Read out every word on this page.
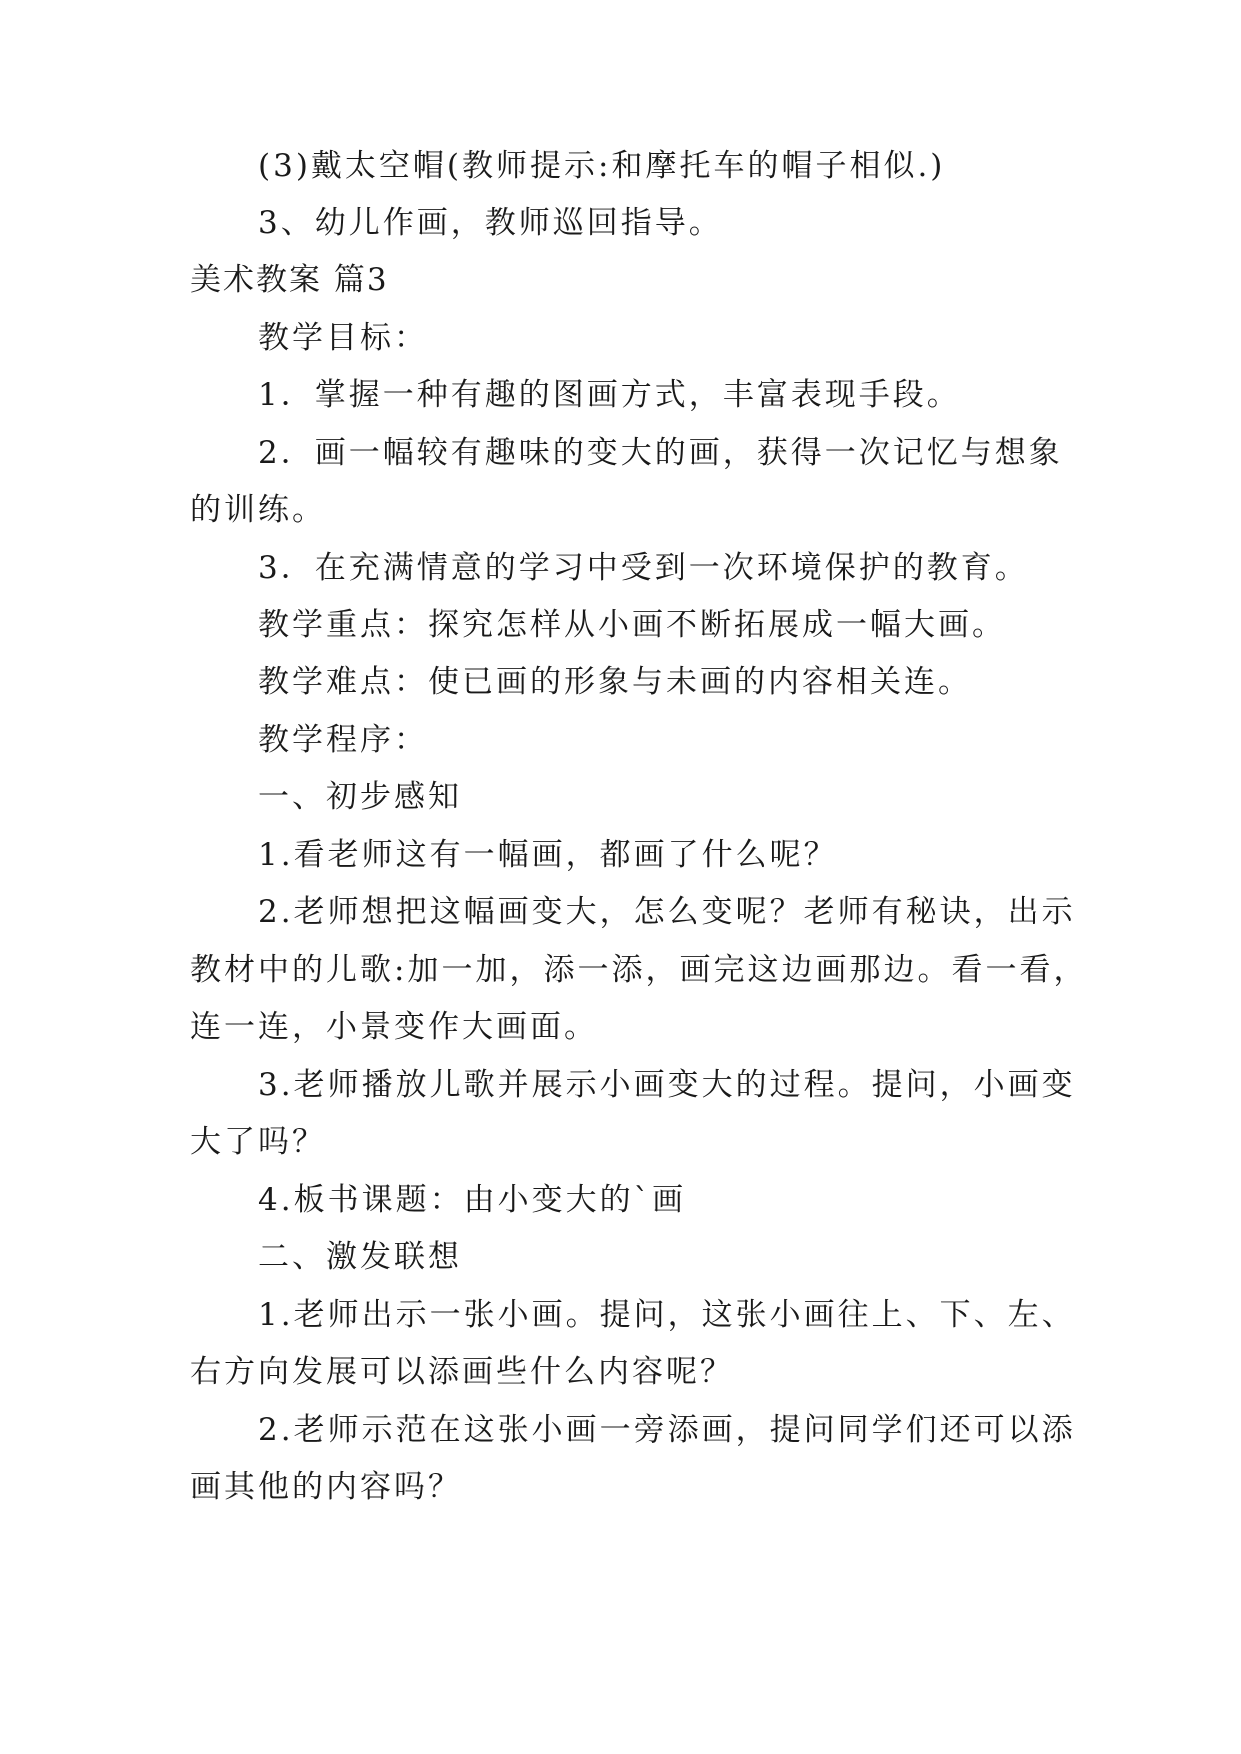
(3)戴太空帽(教师提示:和摩托车的帽子相似.)
3、幼儿作画，教师巡回指导。
美术教案 篇3
教学目标：
1．掌握一种有趣的图画方式，丰富表现手段。
2．画一幅较有趣味的变大的画，获得一次记忆与想象
的训练。
3．在充满情意的学习中受到一次环境保护的教育。
教学重点：探究怎样从小画不断拓展成一幅大画。
教学难点：使已画的形象与未画的内容相关连。
教学程序：
一、初步感知
1.看老师这有一幅画，都画了什么呢？
2.老师想把这幅画变大，怎么变呢？老师有秘诀，出示
教材中的儿歌:加一加，添一添，画完这边画那边。看一看，
连一连，小景变作大画面。
3.老师播放儿歌并展示小画变大的过程。提问，小画变
大了吗？
4.板书课题：由小变大的`画
二、激发联想
1.老师出示一张小画。提问，这张小画往上、下、左、
右方向发展可以添画些什么内容呢？
2.老师示范在这张小画一旁添画，提问同学们还可以添
画其他的内容吗？
